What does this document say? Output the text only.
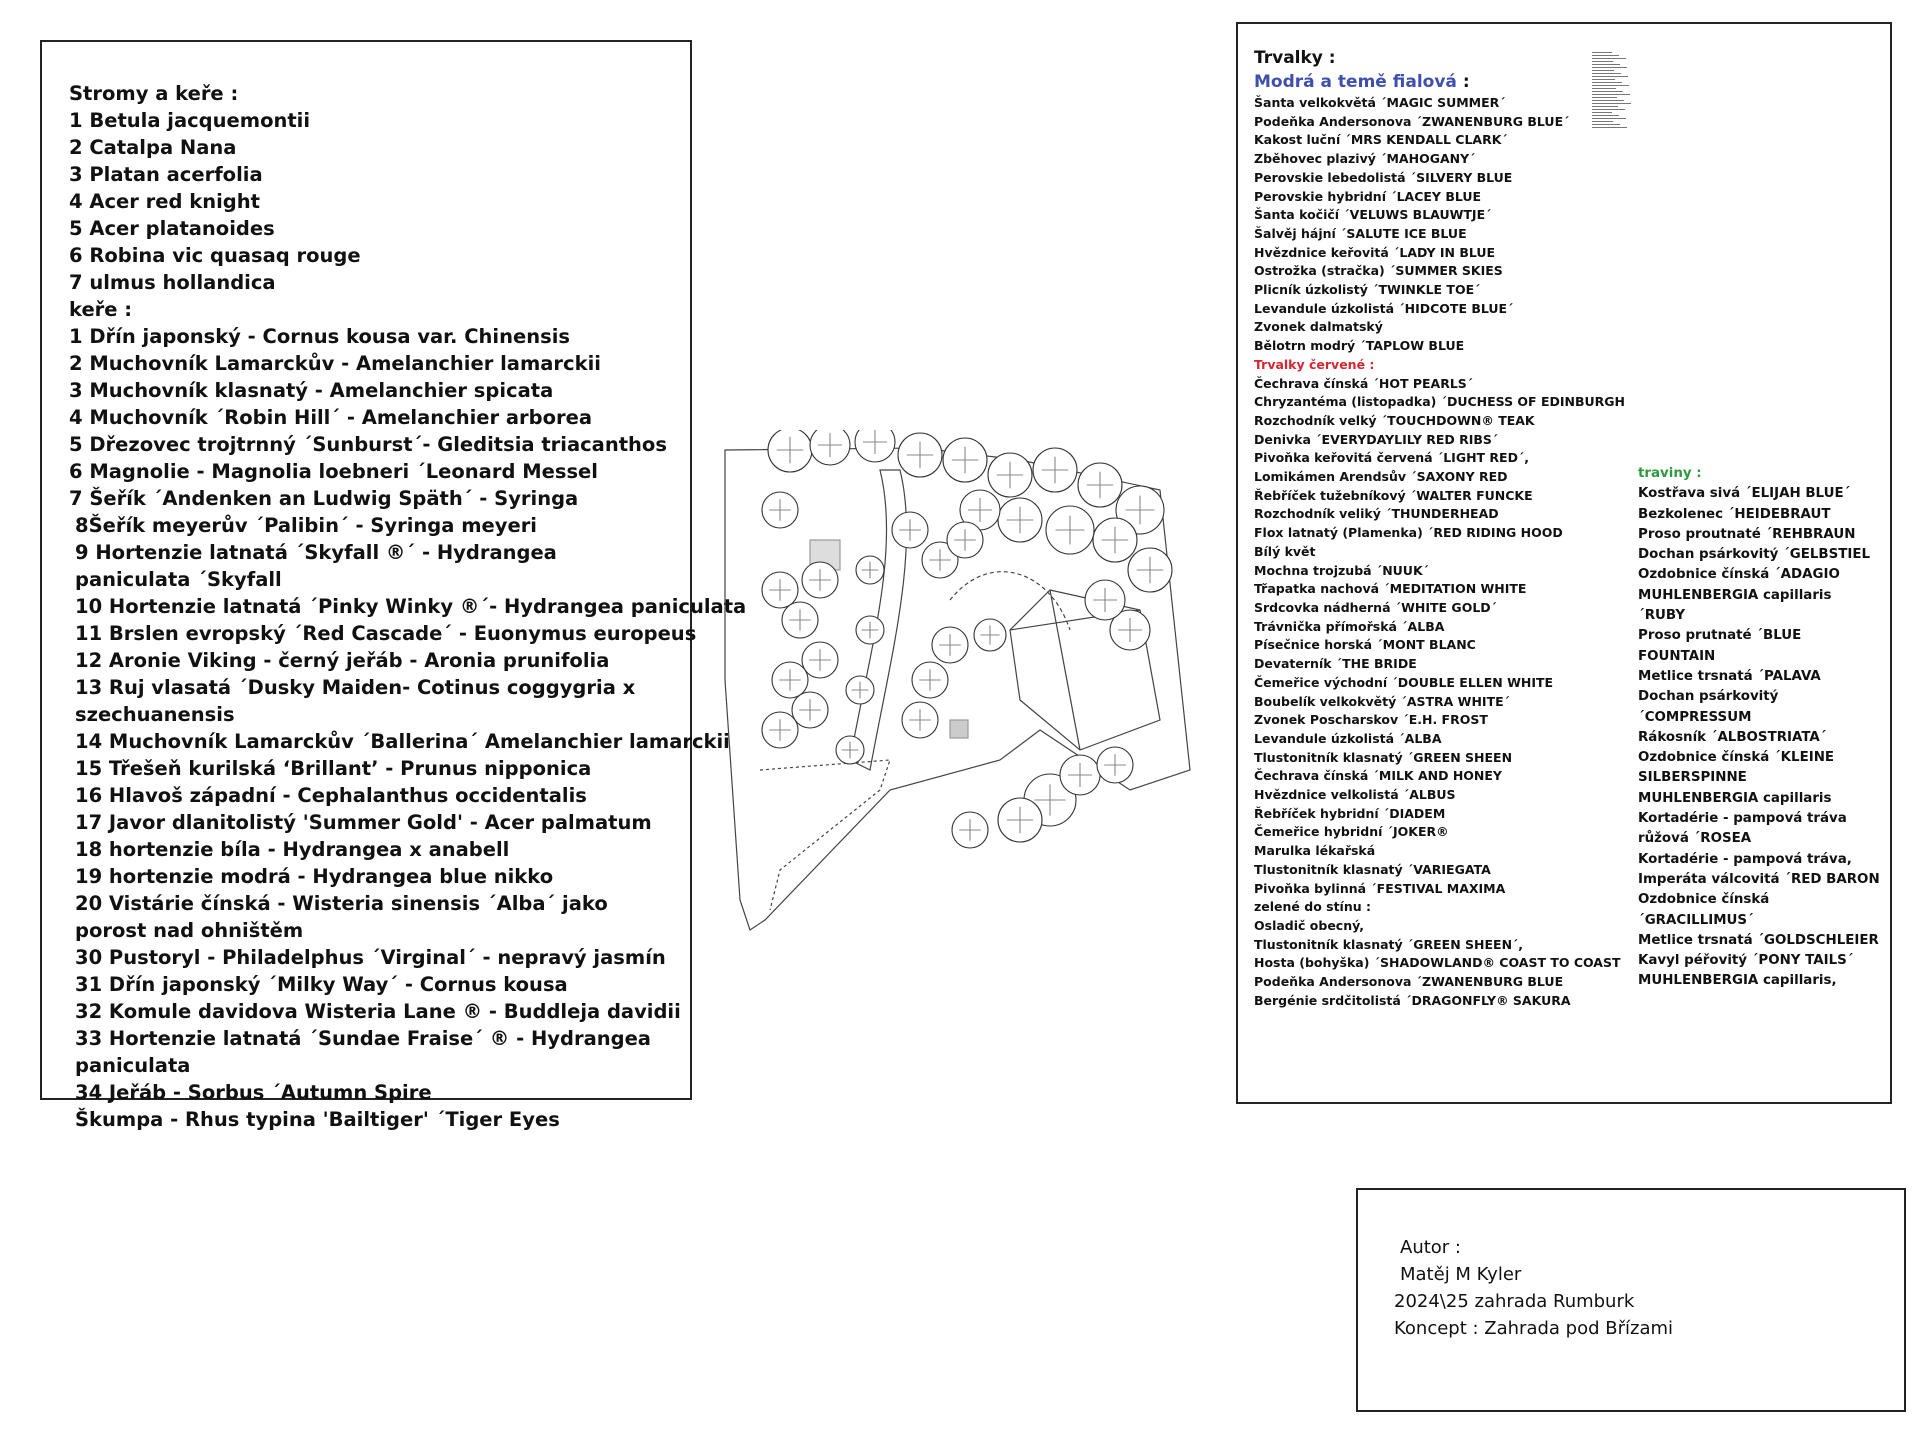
Stromy a keře :
1 Betula jacquemontii
2 Catalpa Nana
3 Platan acerfolia
4 Acer red knight
5 Acer platanoides
6 Robina vic quasaq rouge
7 ulmus hollandica
keře :
1 Dřín japonský - Cornus kousa var. Chinensis
2 Muchovník Lamarckův - Amelanchier lamarckii
3 Muchovník klasnatý - Amelanchier spicata
4 Muchovník ´Robin Hill´ - Amelanchier arborea
5 Dřezovec trojtrnný ´Sunburst´- Gleditsia triacanthos
6 Magnolie - Magnolia loebneri ´Leonard Messel
7 Šeřík ´Andenken an Ludwig Späth´ - Syringa
8Šeřík meyerův ´Palibin´ - Syringa meyeri
9 Hortenzie latnatá ´Skyfall ®´ - Hydrangea paniculata ´Skyfall
10 Hortenzie latnatá ´Pinky Winky ®´- Hydrangea paniculata
11 Brslen evropský ´Red Cascade´ - Euonymus europeus
12 Aronie Viking - černý jeřáb - Aronia prunifolia
13 Ruj vlasatá ´Dusky Maiden- Cotinus coggygria x szechuanensis
14 Muchovník Lamarckův ´Ballerina´ Amelanchier lamarckii
15 Třešeň kurilská ‘Brillant’ - Prunus nipponica
16 Hlavoš západní - Cephalanthus occidentalis
17 Javor dlanitolistý 'Summer Gold' - Acer palmatum
18 hortenzie bíla - Hydrangea x anabell
19 hortenzie modrá - Hydrangea blue nikko
20 Vistárie čínská - Wisteria sinensis ´Alba´ jako porost nad ohništěm
30 Pustoryl - Philadelphus ´Virginal´ - nepravý jasmín
31 Dřín japonský ´Milky Way´ - Cornus kousa
32 Komule davidova Wisteria Lane ® - Buddleja davidii
33 Hortenzie latnatá ´Sundae Fraise´ ® - Hydrangea paniculata
34 Jeřáb - Sorbus ´Autumn Spire
Škumpa - Rhus typina 'Bailtiger' ´Tiger Eyes
Trvalky :
Modrá a temě fialová :
Šanta velkokvětá ´MAGIC SUMMER´
Podeňka Andersonova ´ZWANENBURG BLUE´
Kakost luční ´MRS KENDALL CLARK´
Zběhovec plazivý ´MAHOGANY´
Perovskie lebedolistá ´SILVERY BLUE
Perovskie hybridní ´LACEY BLUE
Šanta kočičí ´VELUWS BLAUWTJE´
Šalvěj hájní ´SALUTE ICE BLUE
Hvězdnice keřovitá ´LADY IN BLUE
Ostrožka (stračka) ´SUMMER SKIES
Plicník úzkolistý ´TWINKLE TOE´
Levandule úzkolistá ´HIDCOTE BLUE´
Zvonek dalmatský
Bělotrn modrý ´TAPLOW BLUE
Trvalky červené :
Čechrava čínská ´HOT PEARLS´
Chryzantéma (listopadka) ´DUCHESS OF EDINBURGH
Rozchodník velký ´TOUCHDOWN® TEAK
Denivka ´EVERYDAYLILY RED RIBS´
Pivoňka keřovitá červená ´LIGHT RED´,
Lomikámen Arendsův ´SAXONY RED
Řebříček tužebníkový ´WALTER FUNCKE
Rozchodník veliký ´THUNDERHEAD
Flox latnatý (Plamenka) ´RED RIDING HOOD
Bílý květ
Mochna trojzubá ´NUUK´
Třapatka nachová ´MEDITATION WHITE
Srdcovka nádherná ´WHITE GOLD´
Trávnička přímořská ´ALBA
Písečnice horská ´MONT BLANC
Devaterník ´THE BRIDE
Čemeřice východní ´DOUBLE ELLEN WHITE
Boubelík velkokvětý ´ASTRA WHITE´
Zvonek Poscharskov ´E.H. FROST
Levandule úzkolistá ´ALBA
Tlustonitník klasnatý ´GREEN SHEEN
Čechrava čínská ´MILK AND HONEY
Hvězdnice velkolistá ´ALBUS
Řebříček hybridní ´DIADEM
Čemeřice hybridní ´JOKER®
Marulka lékařská
Tlustonitník klasnatý ´VARIEGATA
Pivoňka bylinná ´FESTIVAL MAXIMA
zelené do stínu :
Osladič obecný,
Tlustonitník klasnatý ´GREEN SHEEN´,
Hosta (bohyška) ´SHADOWLAND® COAST TO COAST
Podeňka Andersonova ´ZWANENBURG BLUE
Bergénie srdčitolistá ´DRAGONFLY® SAKURA
traviny :
Kostřava sivá ´ELIJAH BLUE´
Bezkolenec ´HEIDEBRAUT
Proso proutnaté ´REHBRAUN
Dochan psárkovitý ´GELBSTIEL
Ozdobnice čínská ´ADAGIO
MUHLENBERGIA capillaris ´RUBY
Proso prutnaté ´BLUE FOUNTAIN
Metlice trsnatá ´PALAVA
Dochan psárkovitý ´COMPRESSUM
Rákosník ´ALBOSTRIATA´
Ozdobnice čínská ´KLEINE SILBERSPINNE
MUHLENBERGIA capillaris
Kortadérie - pampová tráva růžová ´ROSEA
Kortadérie - pampová tráva,
Imperáta válcovitá ´RED BARON
Ozdobnice čínská ´GRACILLIMUS´
Metlice trsnatá ´GOLDSCHLEIER
Kavyl péřovitý ´PONY TAILS´
MUHLENBERGIA capillaris,
Autor :
Matěj M Kyler
2024\25 zahrada Rumburk
Koncept : Zahrada pod Břízami
